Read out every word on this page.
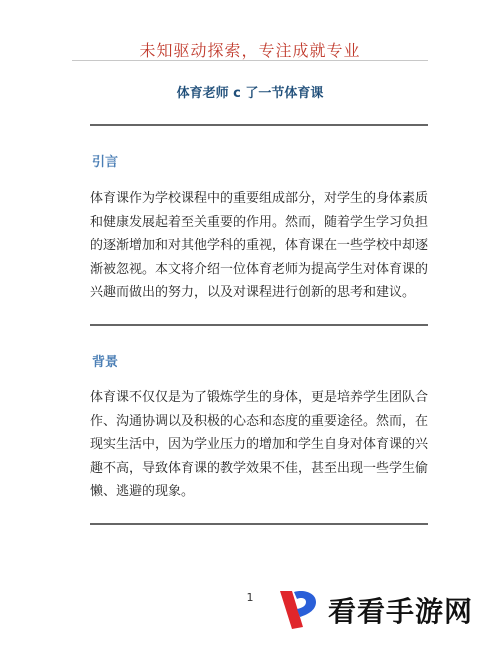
未知驱动探索，专注成就专业
体育老师 c 了一节体育课
引言
体育课作为学校课程中的重要组成部分，对学生的身体素质和健康发展起着至关重要的作用。然而，随着学生学习负担的逐渐增加和对其他学科的重视，体育课在一些学校中却逐渐被忽视。本文将介绍一位体育老师为提高学生对体育课的兴趣而做出的努力，以及对课程进行创新的思考和建议。
背景
体育课不仅仅是为了锻炼学生的身体，更是培养学生团队合作、沟通协调以及积极的心态和态度的重要途径。然而，在现实生活中，因为学业压力的增加和学生自身对体育课的兴趣不高，导致体育课的教学效果不佳，甚至出现一些学生偷懒、逃避的现象。
1	看看手游网
